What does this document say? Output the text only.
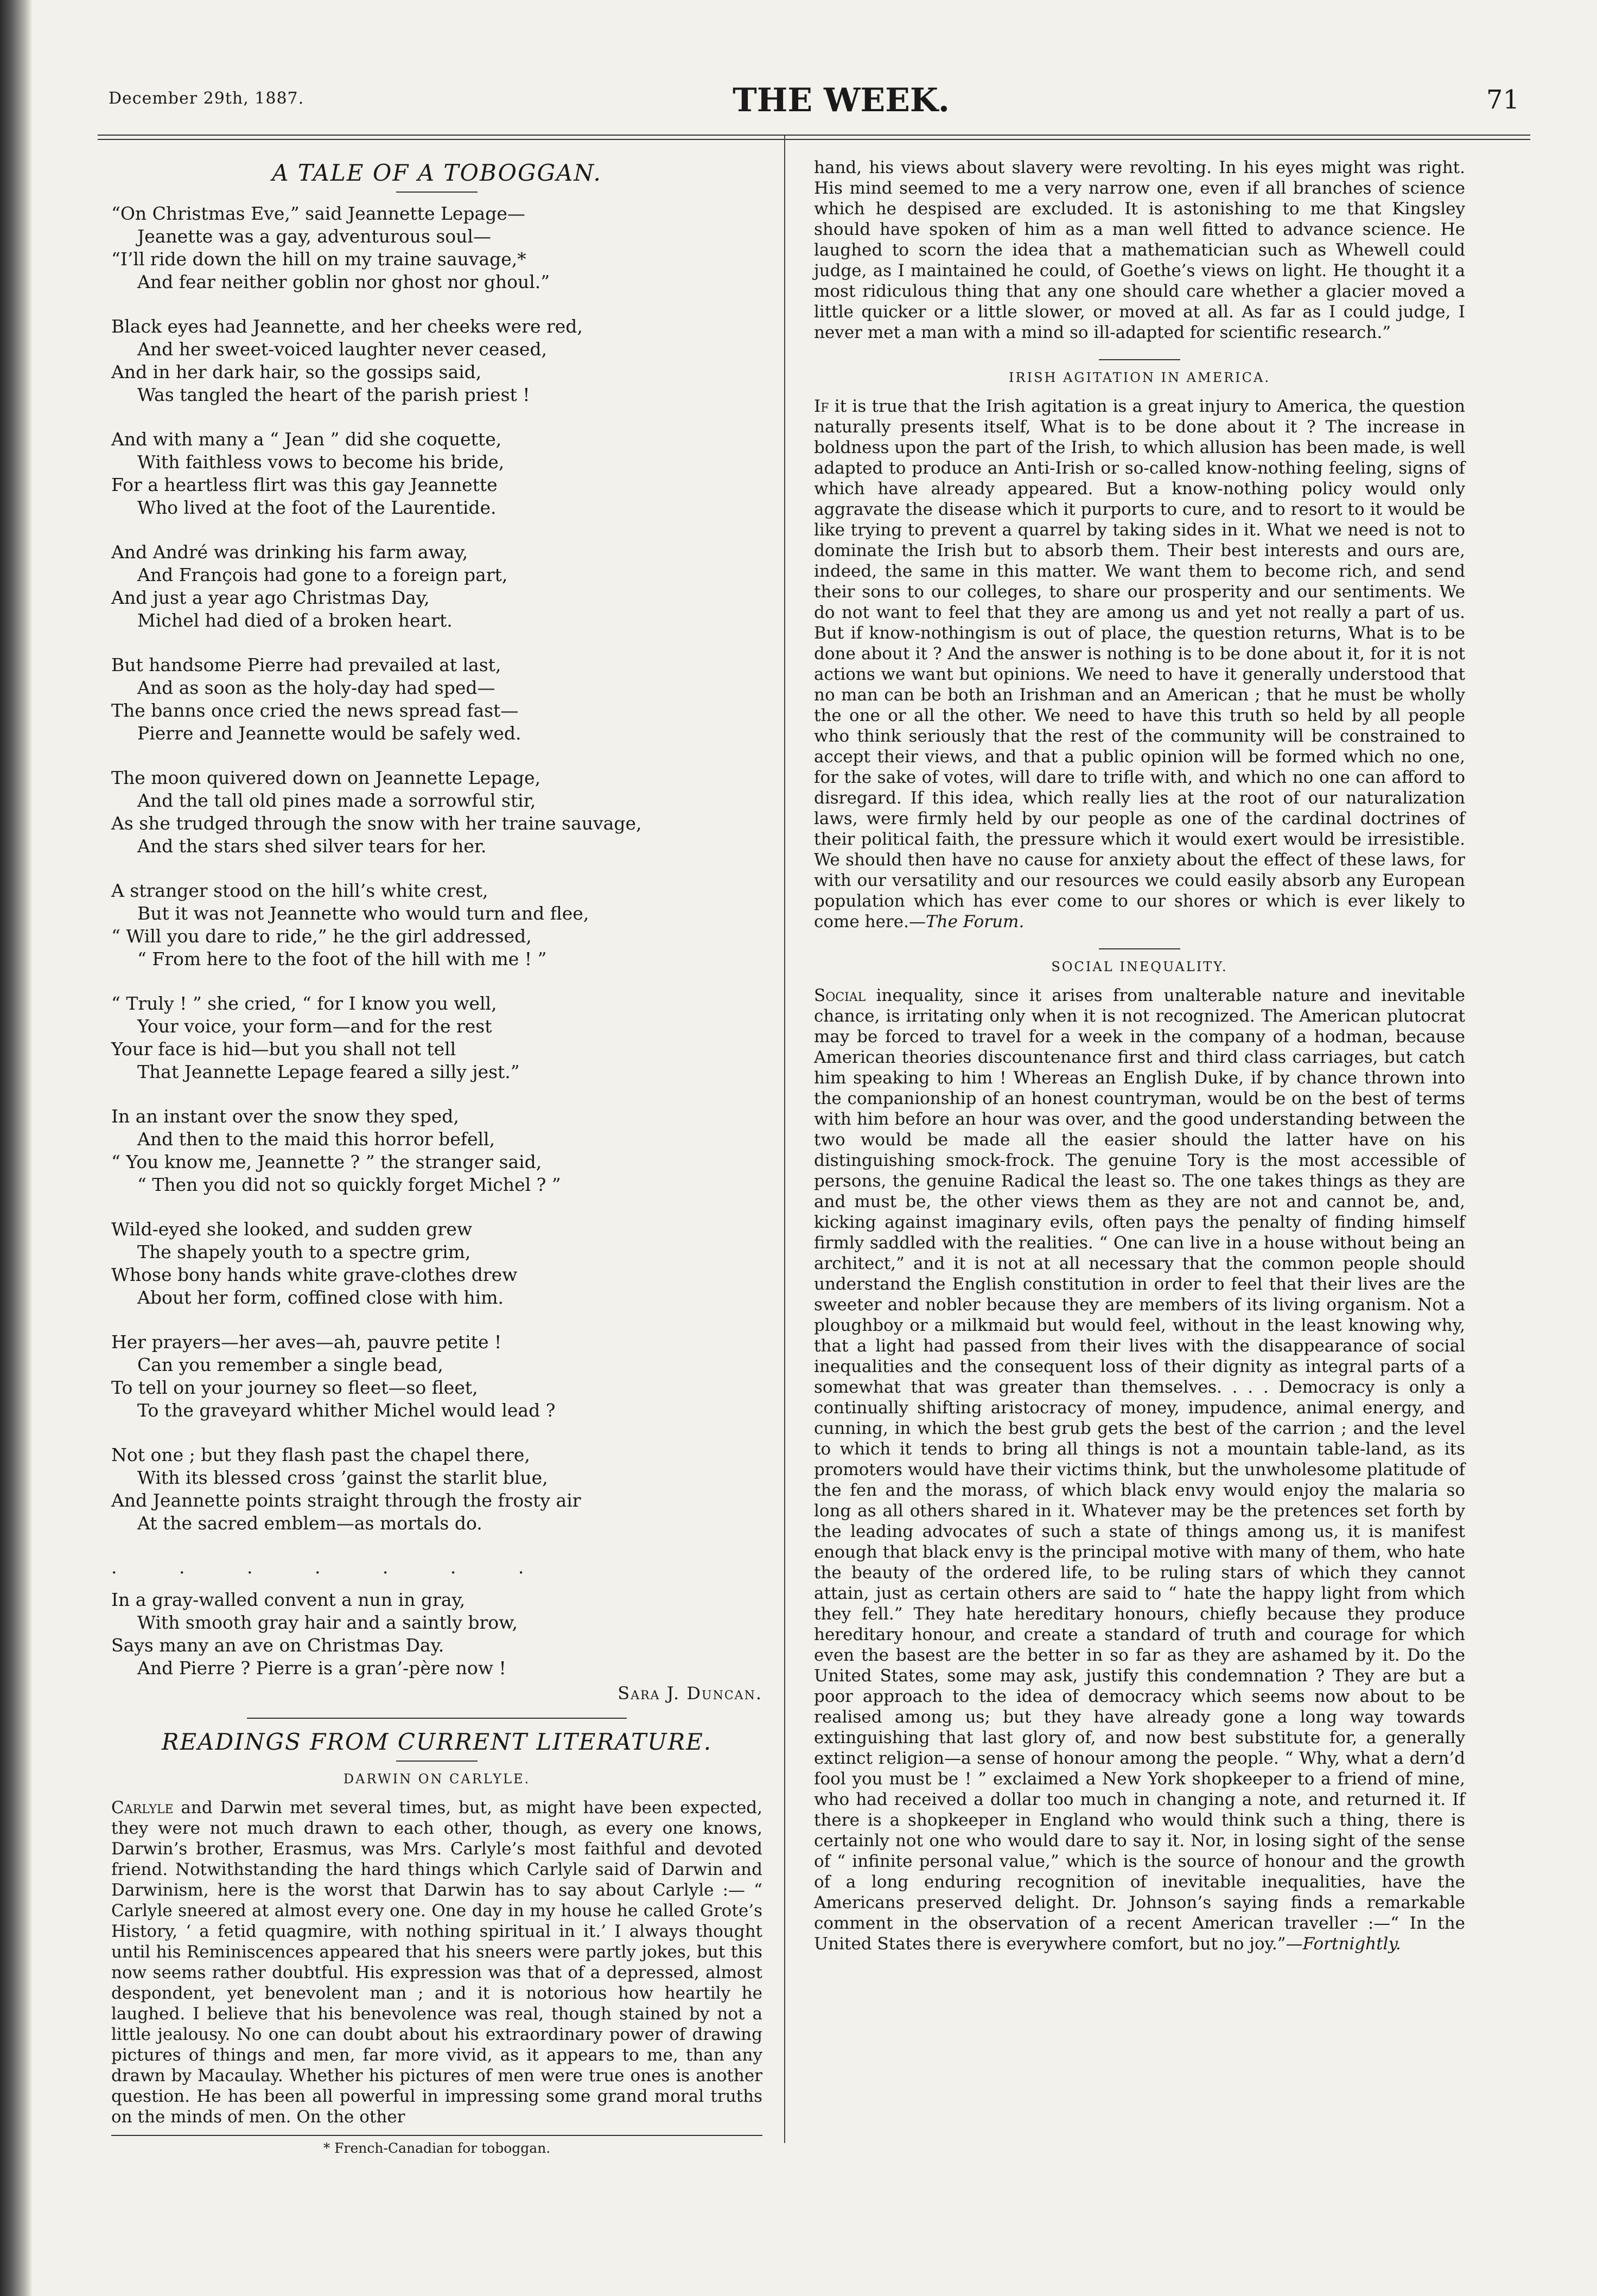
December 29th, 1887.	THE WEEK.	71
A TALE OF A TOBOGGAN.
“On Christmas Eve,” said Jeannette Lepage—
Jeanette was a gay, adventurous soul—
“I’ll ride down the hill on my traine sauvage,*
And fear neither goblin nor ghost nor ghoul.”
Black eyes had Jeannette, and her cheeks were red,
And her sweet-voiced laughter never ceased,
And in her dark hair, so the gossips said,
Was tangled the heart of the parish priest !
And with many a “ Jean ” did she coquette,
With faithless vows to become his bride,
For a heartless flirt was this gay Jeannette
Who lived at the foot of the Laurentide.
And André was drinking his farm away,
And François had gone to a foreign part,
And just a year ago Christmas Day,
Michel had died of a broken heart.
But handsome Pierre had prevailed at last,
And as soon as the holy-day had sped—
The banns once cried the news spread fast—
Pierre and Jeannette would be safely wed.
The moon quivered down on Jeannette Lepage,
And the tall old pines made a sorrowful stir,
As she trudged through the snow with her traine sauvage,
And the stars shed silver tears for her.
A stranger stood on the hill’s white crest,
But it was not Jeannette who would turn and flee,
“ Will you dare to ride,” he the girl addressed,
“ From here to the foot of the hill with me ! ”
“ Truly ! ” she cried, “ for I know you well,
Your voice, your form—and for the rest
Your face is hid—but you shall not tell
That Jeannette Lepage feared a silly jest.”
In an instant over the snow they sped,
And then to the maid this horror befell,
“ You know me, Jeannette ? ” the stranger said,
“ Then you did not so quickly forget Michel ? ”
Wild-eyed she looked, and sudden grew
The shapely youth to a spectre grim,
Whose bony hands white grave-clothes drew
About her form, coffined close with him.
Her prayers—her aves—ah, pauvre petite !
Can you remember a single bead,
To tell on your journey so fleet—so fleet,
To the graveyard whither Michel would lead ?
Not one ; but they flash past the chapel there,
With its blessed cross ’gainst the starlit blue,
And Jeannette points straight through the frosty air
At the sacred emblem—as mortals do.
. . . . . . .
In a gray-walled convent a nun in gray,
With smooth gray hair and a saintly brow,
Says many an ave on Christmas Day.
And Pierre ? Pierre is a gran’-père now !
Sara J. Duncan.
READINGS FROM CURRENT LITERATURE.
DARWIN ON CARLYLE.

Carlyle and Darwin met several times, but, as might have been expected, they were not much drawn to each other, though, as every one knows, Darwin’s brother, Erasmus, was Mrs. Carlyle’s most faithful and devoted friend. Notwithstanding the hard things which Carlyle said of Darwin and Darwinism, here is the worst that Darwin has to say about Carlyle :— “ Carlyle sneered at almost every one. One day in my house he called Grote’s History, ‘ a fetid quagmire, with nothing spiritual in it.’ I always thought until his Reminiscences appeared that his sneers were partly jokes, but this now seems rather doubtful. His expression was that of a depressed, almost despondent, yet benevolent man ; and it is notorious how heartily he laughed. I believe that his benevolence was real, though stained by not a little jealousy. No one can doubt about his extraordinary power of drawing pictures of things and men, far more vivid, as it appears to me, than any drawn by Macaulay. Whether his pictures of men were true ones is another question. He has been all powerful in impressing some grand moral truths on the minds of men. On the other

* French-Canadian for toboggan.

hand, his views about slavery were revolting. In his eyes might was right. His mind seemed to me a very narrow one, even if all branches of science which he despised are excluded. It is astonishing to me that Kingsley should have spoken of him as a man well fitted to advance science. He laughed to scorn the idea that a mathematician such as Whewell could judge, as I maintained he could, of Goethe’s views on light. He thought it a most ridiculous thing that any one should care whether a glacier moved a little quicker or a little slower, or moved at all. As far as I could judge, I never met a man with a mind so ill-adapted for scientific research.”

IRISH AGITATION IN AMERICA.

If it is true that the Irish agitation is a great injury to America, the question naturally presents itself, What is to be done about it ? The increase in boldness upon the part of the Irish, to which allusion has been made, is well adapted to produce an Anti-Irish or so-called know-nothing feeling, signs of which have already appeared. But a know-nothing policy would only aggravate the disease which it purports to cure, and to resort to it would be like trying to prevent a quarrel by taking sides in it. What we need is not to dominate the Irish but to absorb them. Their best interests and ours are, indeed, the same in this matter. We want them to become rich, and send their sons to our colleges, to share our prosperity and our sentiments. We do not want to feel that they are among us and yet not really a part of us. But if know-nothingism is out of place, the question returns, What is to be done about it ? And the answer is nothing is to be done about it, for it is not actions we want but opinions. We need to have it generally understood that no man can be both an Irishman and an American ; that he must be wholly the one or all the other. We need to have this truth so held by all people who think seriously that the rest of the community will be constrained to accept their views, and that a public opinion will be formed which no one, for the sake of votes, will dare to trifle with, and which no one can afford to disregard. If this idea, which really lies at the root of our naturalization laws, were firmly held by our people as one of the cardinal doctrines of their political faith, the pressure which it would exert would be irresistible. We should then have no cause for anxiety about the effect of these laws, for with our versatility and our resources we could easily absorb any European population which has ever come to our shores or which is ever likely to come here.—The Forum.

SOCIAL INEQUALITY.

Social inequality, since it arises from unalterable nature and inevitable chance, is irritating only when it is not recognized. The American plutocrat may be forced to travel for a week in the company of a hodman, because American theories discountenance first and third class carriages, but catch him speaking to him ! Whereas an English Duke, if by chance thrown into the companionship of an honest countryman, would be on the best of terms with him before an hour was over, and the good understanding between the two would be made all the easier should the latter have on his distinguishing smock-frock. The genuine Tory is the most accessible of persons, the genuine Radical the least so. The one takes things as they are and must be, the other views them as they are not and cannot be, and, kicking against imaginary evils, often pays the penalty of finding himself firmly saddled with the realities. “ One can live in a house without being an architect,” and it is not at all necessary that the common people should understand the English constitution in order to feel that their lives are the sweeter and nobler because they are members of its living organism. Not a ploughboy or a milkmaid but would feel, without in the least knowing why, that a light had passed from their lives with the disappearance of social inequalities and the consequent loss of their dignity as integral parts of a somewhat that was greater than themselves. . . . Democracy is only a continually shifting aristocracy of money, impudence, animal energy, and cunning, in which the best grub gets the best of the carrion ; and the level to which it tends to bring all things is not a mountain table-land, as its promoters would have their victims think, but the unwholesome platitude of the fen and the morass, of which black envy would enjoy the malaria so long as all others shared in it. Whatever may be the pretences set forth by the leading advocates of such a state of things among us, it is manifest enough that black envy is the principal motive with many of them, who hate the beauty of the ordered life, to be ruling stars of which they cannot attain, just as certain others are said to “ hate the happy light from which they fell.” They hate hereditary honours, chiefly because they produce hereditary honour, and create a standard of truth and courage for which even the basest are the better in so far as they are ashamed by it. Do the United States, some may ask, justify this condemnation ? They are but a poor approach to the idea of democracy which seems now about to be realised among us; but they have already gone a long way towards extinguishing that last glory of, and now best substitute for, a generally extinct religion—a sense of honour among the people. “ Why, what a dern’d fool you must be ! ” exclaimed a New York shopkeeper to a friend of mine, who had received a dollar too much in changing a note, and returned it. If there is a shopkeeper in England who would think such a thing, there is certainly not one who would dare to say it. Nor, in losing sight of the sense of “ infinite personal value,” which is the source of honour and the growth of a long enduring recognition of inevitable inequalities, have the Americans preserved delight. Dr. Johnson’s saying finds a remarkable comment in the observation of a recent American traveller :—“ In the United States there is everywhere comfort, but no joy.”—Fortnightly.
